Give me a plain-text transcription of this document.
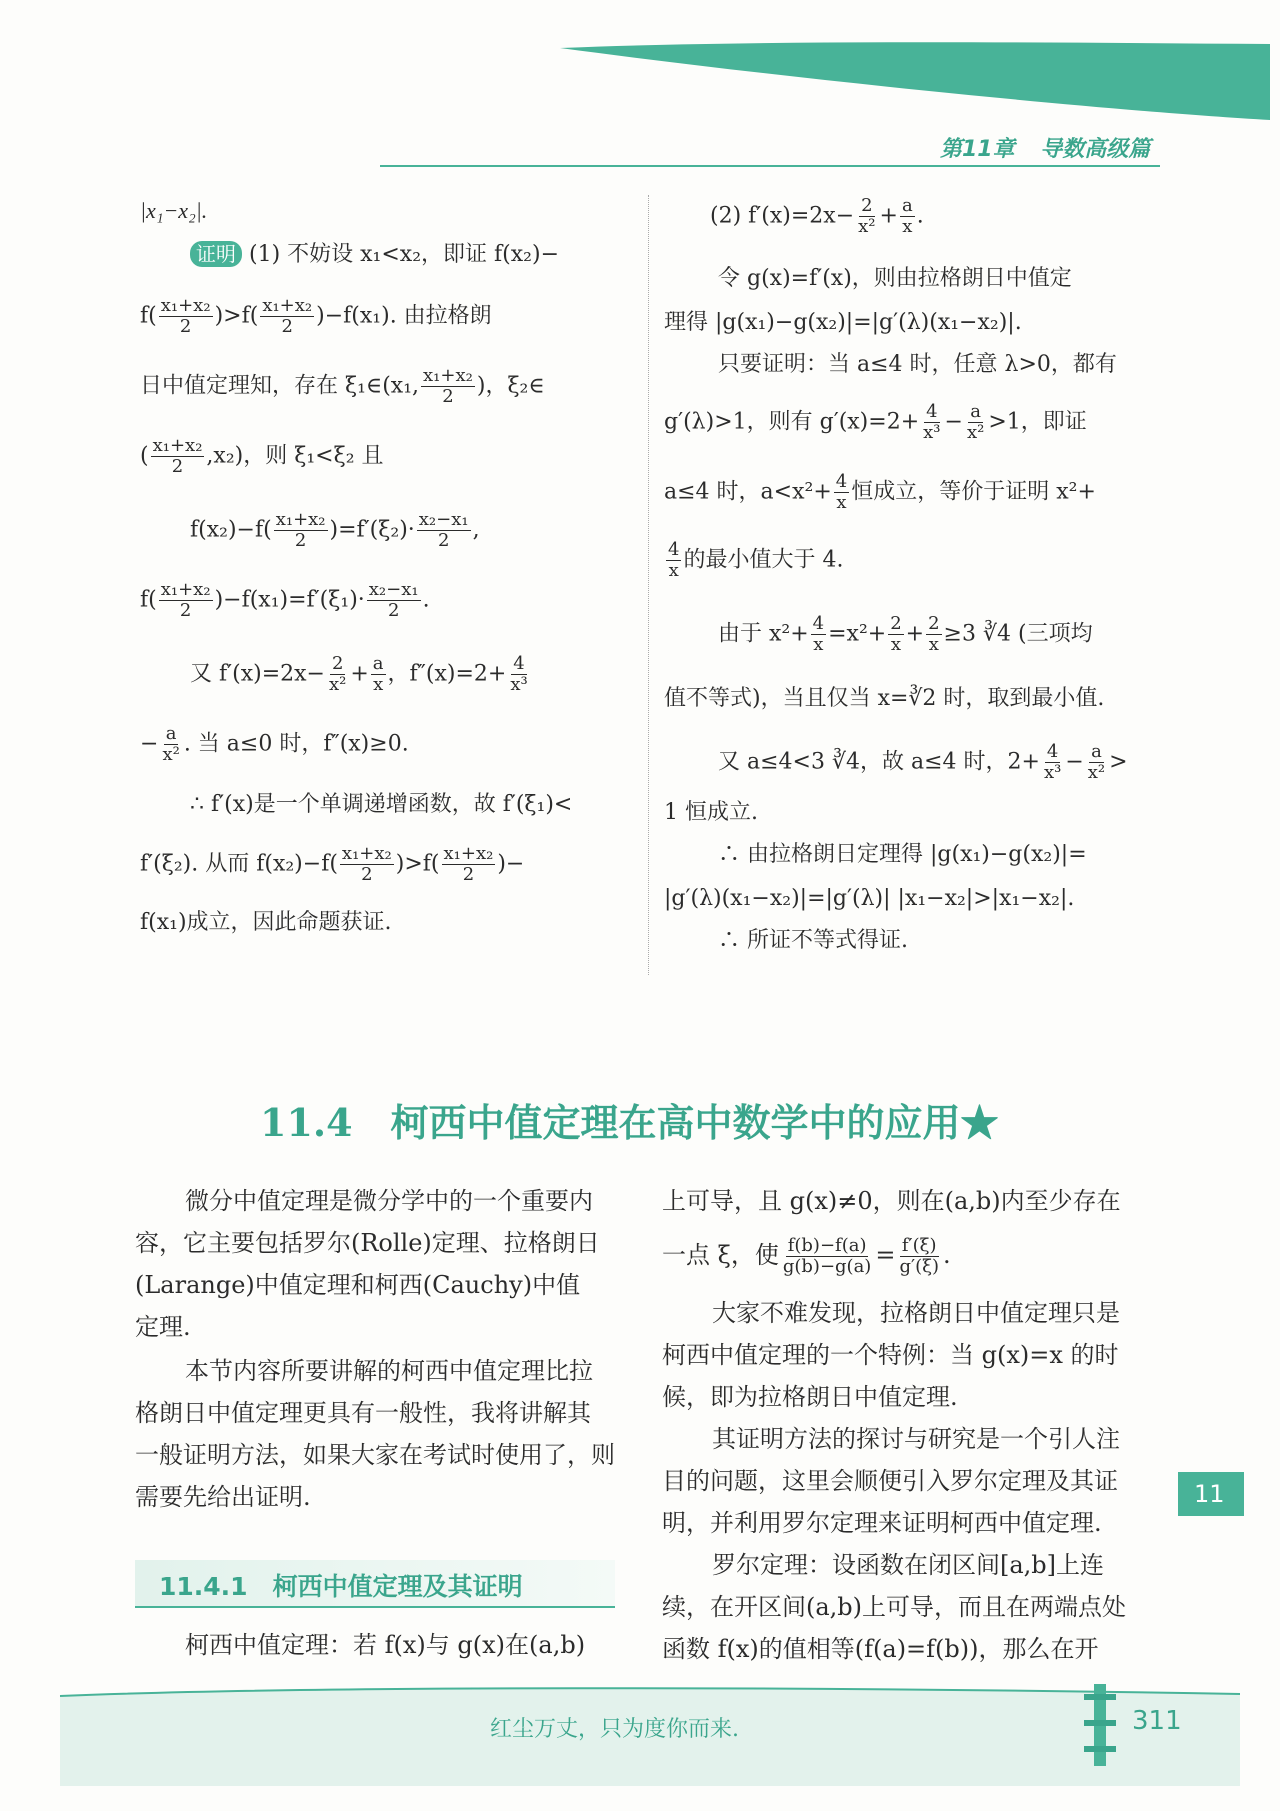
第11章 导数高级篇
|x₁−x₂|.
证明 (1) 不妨设 x₁<x₂，即证 f(x₂)−
$f( \frac{\text{x₁+x₂}}{2} )>f( \frac{\text{x₁+x₂}}{2} )-f(x_1)$. 由拉格朗
日中值定理知，存在 ξ₁∈(x₁, $\frac{\text{x₁+x₂}}{2}$ )，ξ₂∈
( $\frac{\text{x₁+x₂}}{2} ,x_2$)，则 ξ₁<ξ₂ 且
$f(x_2)-f( \frac{\text{x₁+x₂}}{2} )=f'(\xi_2)\cdot \frac{\text{x₂−x₁}}{2}$ ,
$f( \frac{\text{x₁+x₂}}{2} )-f(x_1)=f'(\xi_1)\cdot \frac{\text{x₂−x₁}}{2}$ .
又 $f'(x)=2x- \frac{2}{\text{x²}} + \frac{a}{x}$ ，$f''(x)=2+ \frac{4}{\text{x³}}$
− $\frac{a}{\text{x²}}$ . 当 a≤0 时，f″(x)≥0.
∴ f′(x)是一个单调递增函数，故 f′(ξ₁)<
f′(ξ₂). 从而 $f(x_2)-f( \frac{\text{x₁+x₂}}{2} )>f( \frac{\text{x₁+x₂}}{2}$ )−
f(x₁)成立，因此命题获证.
(2) $f'(x)=2x- \frac{2}{\text{x²}} + \frac{a}{x}$ .
令 g(x)=f′(x)，则由拉格朗日中值定
理得 |g(x₁)−g(x₂)|=|g′(λ)(x₁−x₂)|.
只要证明：当 a≤4 时，任意 λ>0，都有
g′(λ)>1，则有 $g'(x)=2+ \frac{4}{\text{x³}} - \frac{a}{\text{x²}} >1$，即证
a≤4 时，$a<x^2+ \frac{4}{x}$ 恒成立，等价于证明 x²+
$\frac{4}{x}$ 的最小值大于 4.
由于 $x^2+ \frac{4}{x} =x^2+ \frac{2}{x} + \frac{2}{x} \ge 3$ ∛4 (三项均
值不等式)，当且仅当 x=∛2 时，取到最小值.
又 a≤4<3 ∛4，故 a≤4 时，$2+ \frac{4}{\text{x³}} - \frac{a}{\text{x²}}$ >
1 恒成立.
∴ 由拉格朗日定理得 |g(x₁)−g(x₂)|=
|g′(λ)(x₁−x₂)|=|g′(λ)| |x₁−x₂|>|x₁−x₂|.
∴ 所证不等式得证.
11.4　柯西中值定理在高中数学中的应用★
微分中值定理是微分学中的一个重要内
容，它主要包括罗尔(Rolle)定理、拉格朗日
(Larange)中值定理和柯西(Cauchy)中值
定理.
本节内容所要讲解的柯西中值定理比拉
格朗日中值定理更具有一般性，我将讲解其
一般证明方法，如果大家在考试时使用了，则
需要先给出证明.
11.4.1　柯西中值定理及其证明
柯西中值定理：若 f(x)与 g(x)在(a,b)
上可导，且 g(x)≠0，则在(a,b)内至少存在
一点 ξ，使 $\frac{f(b)-f(a)}{g(b)-g(a)} = \frac{f'(\xi)}{g'(\xi)}$ .
大家不难发现，拉格朗日中值定理只是
柯西中值定理的一个特例：当 g(x)=x 的时
候，即为拉格朗日中值定理.
其证明方法的探讨与研究是一个引人注
目的问题，这里会顺便引入罗尔定理及其证
明，并利用罗尔定理来证明柯西中值定理.
罗尔定理：设函数在闭区间[a,b]上连
续，在开区间(a,b)上可导，而且在两端点处
函数 f(x)的值相等(f(a)=f(b))，那么在开
11
红尘万丈，只为度你而来.	311
